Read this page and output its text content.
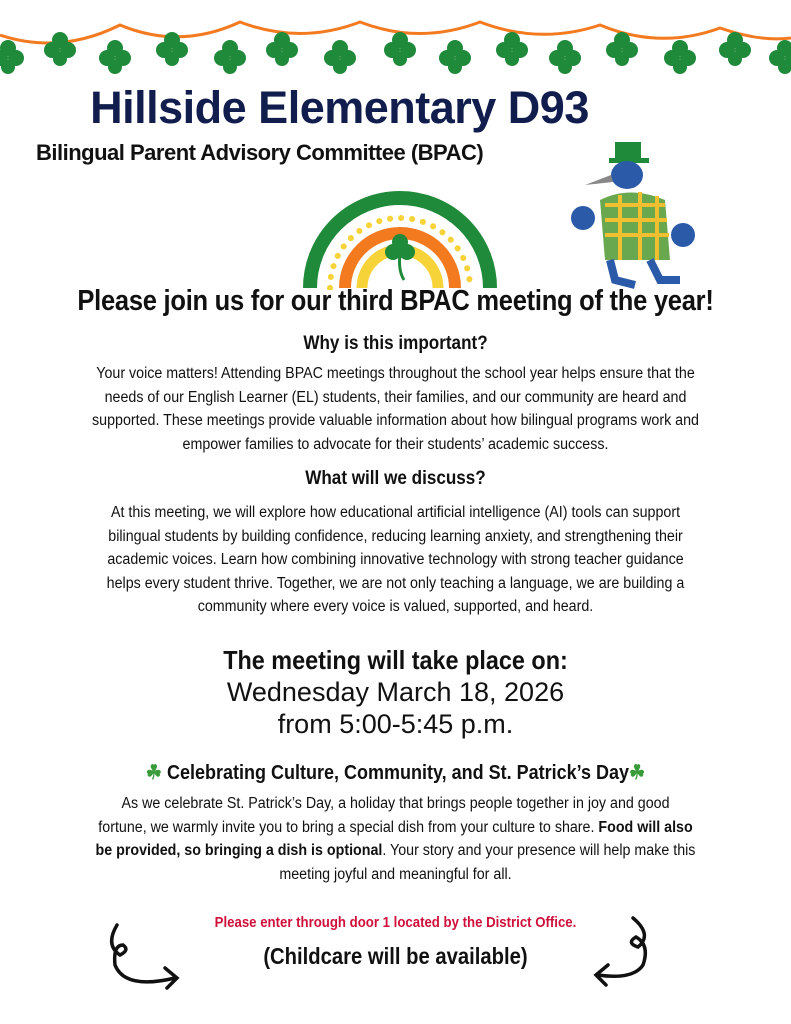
Hillside Elementary D93
Bilingual Parent Advisory Committee (BPAC)
Please join us for our third BPAC meeting of the year!
Why is this important?
Your voice matters! Attending BPAC meetings throughout the school year helps ensure that the
needs of our English Learner (EL) students, their families, and our community are heard and
supported. These meetings provide valuable information about how bilingual programs work and
empower families to advocate for their students’ academic success.
What will we discuss?
At this meeting, we will explore how educational artificial intelligence (AI) tools can support
bilingual students by building confidence, reducing learning anxiety, and strengthening their
academic voices. Learn how combining innovative technology with strong teacher guidance
helps every student thrive. Together, we are not only teaching a language, we are building a
community where every voice is valued, supported, and heard.
The meeting will take place on:
Wednesday March 18, 2026
from 5:00-5:45 p.m.
☘ Celebrating Culture, Community, and St. Patrick’s Day☘
As we celebrate St. Patrick’s Day, a holiday that brings people together in joy and good
fortune, we warmly invite you to bring a special dish from your culture to share. Food will also
be provided, so bringing a dish is optional. Your story and your presence will help make this
meeting joyful and meaningful for all.
Please enter through door 1 located by the District Office.
(Childcare will be available)
